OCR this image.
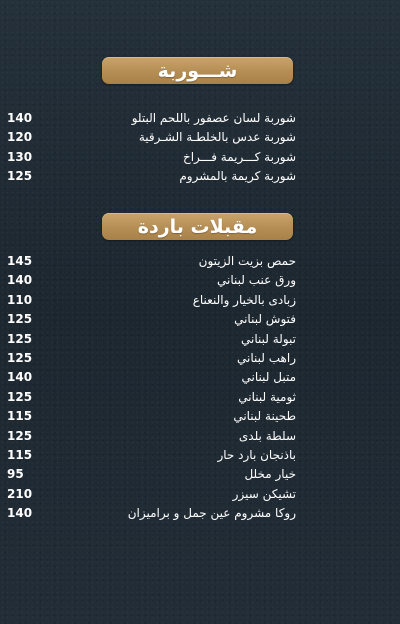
شـــوربة
140	شوربة لسان عصفور باللحم البتلو
120	شوربة عدس بالخلطـة الشـرقية
130	شوربة كـــريمة فـــراخ
125	شوربة كريمة بالمشروم
مقبلات باردة
145	حمص بزيت الزيتون
140	ورق عنب لبناني
110	زبادى بالخيار والنعناع
125	فتوش لبناني
125	تبولة لبناني
125	راهب لبناني
140	متبل لبناني
125	ثومية لبناني
115	طحينة لبناني
125	سلطة بلدى
115	باذنجان بارد حار
95	خيار مخلل
210	تشيكن سيزر
140	روكا مشروم عين جمل و برامیزان
